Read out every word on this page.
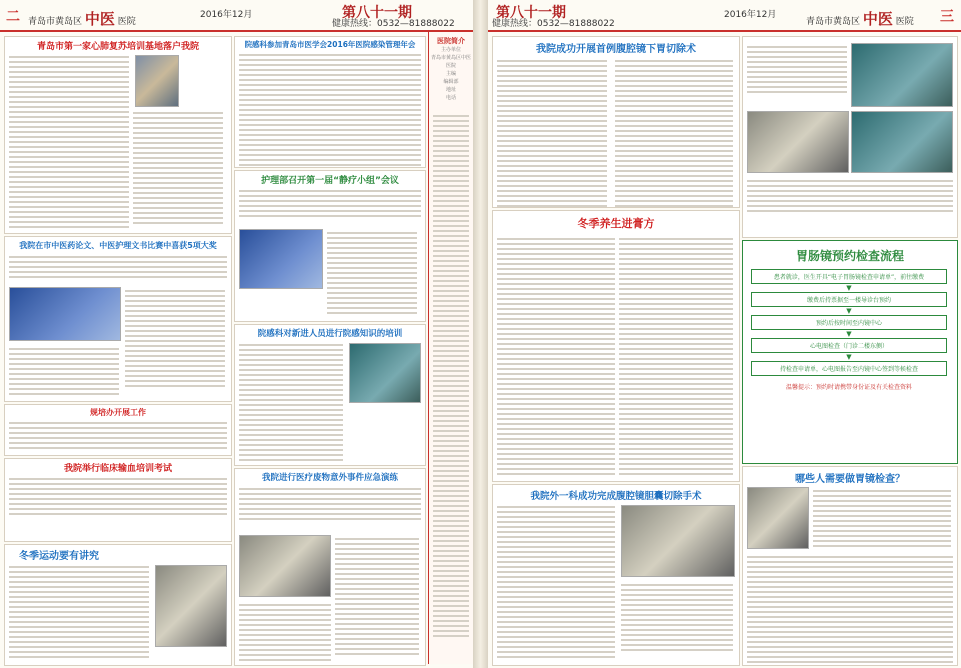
二 青岛市黄岛区 中医 医院
2016年12月	第八十一期
健康热线：0532—81888022
青岛市第一家心肺复苏培训基地落户我院
我院在市中医药论文、中医护理文书比赛中喜获5项大奖
规培办开展工作
我院举行临床输血培训考试
冬季运动要有讲究
院感科参加青岛市医学会2016年医院感染管理年会
护理部召开第一届“静疗小组”会议
院感科对新进人员进行院感知识的培训
我院进行医疗废物意外事件应急演练
医院简介
主办单位
青岛市黄岛区中医医院
主编
编辑部
地址
电话
第八十一期
健康热线：0532—81888022
2016年12月
青岛市黄岛区 中医 医院 三
我院成功开展首例腹腔镜下胃切除术
冬季养生进膏方
我院外一科成功完成腹腔镜胆囊切除手术
胃肠镜预约检查流程
患者就诊，医生开具“电子胃肠镜检查申请单”，前往缴费
▼
缴费后持票据至一楼导诊台预约
▼
预约后按时间至内镜中心
▼
心电图检查（门诊二楼东侧）
▼
持检查申请单，心电图报告至内镜中心签到等候检查
温馨提示：预约时请携带身份证及有关检查资料
哪些人需要做胃镜检查？
